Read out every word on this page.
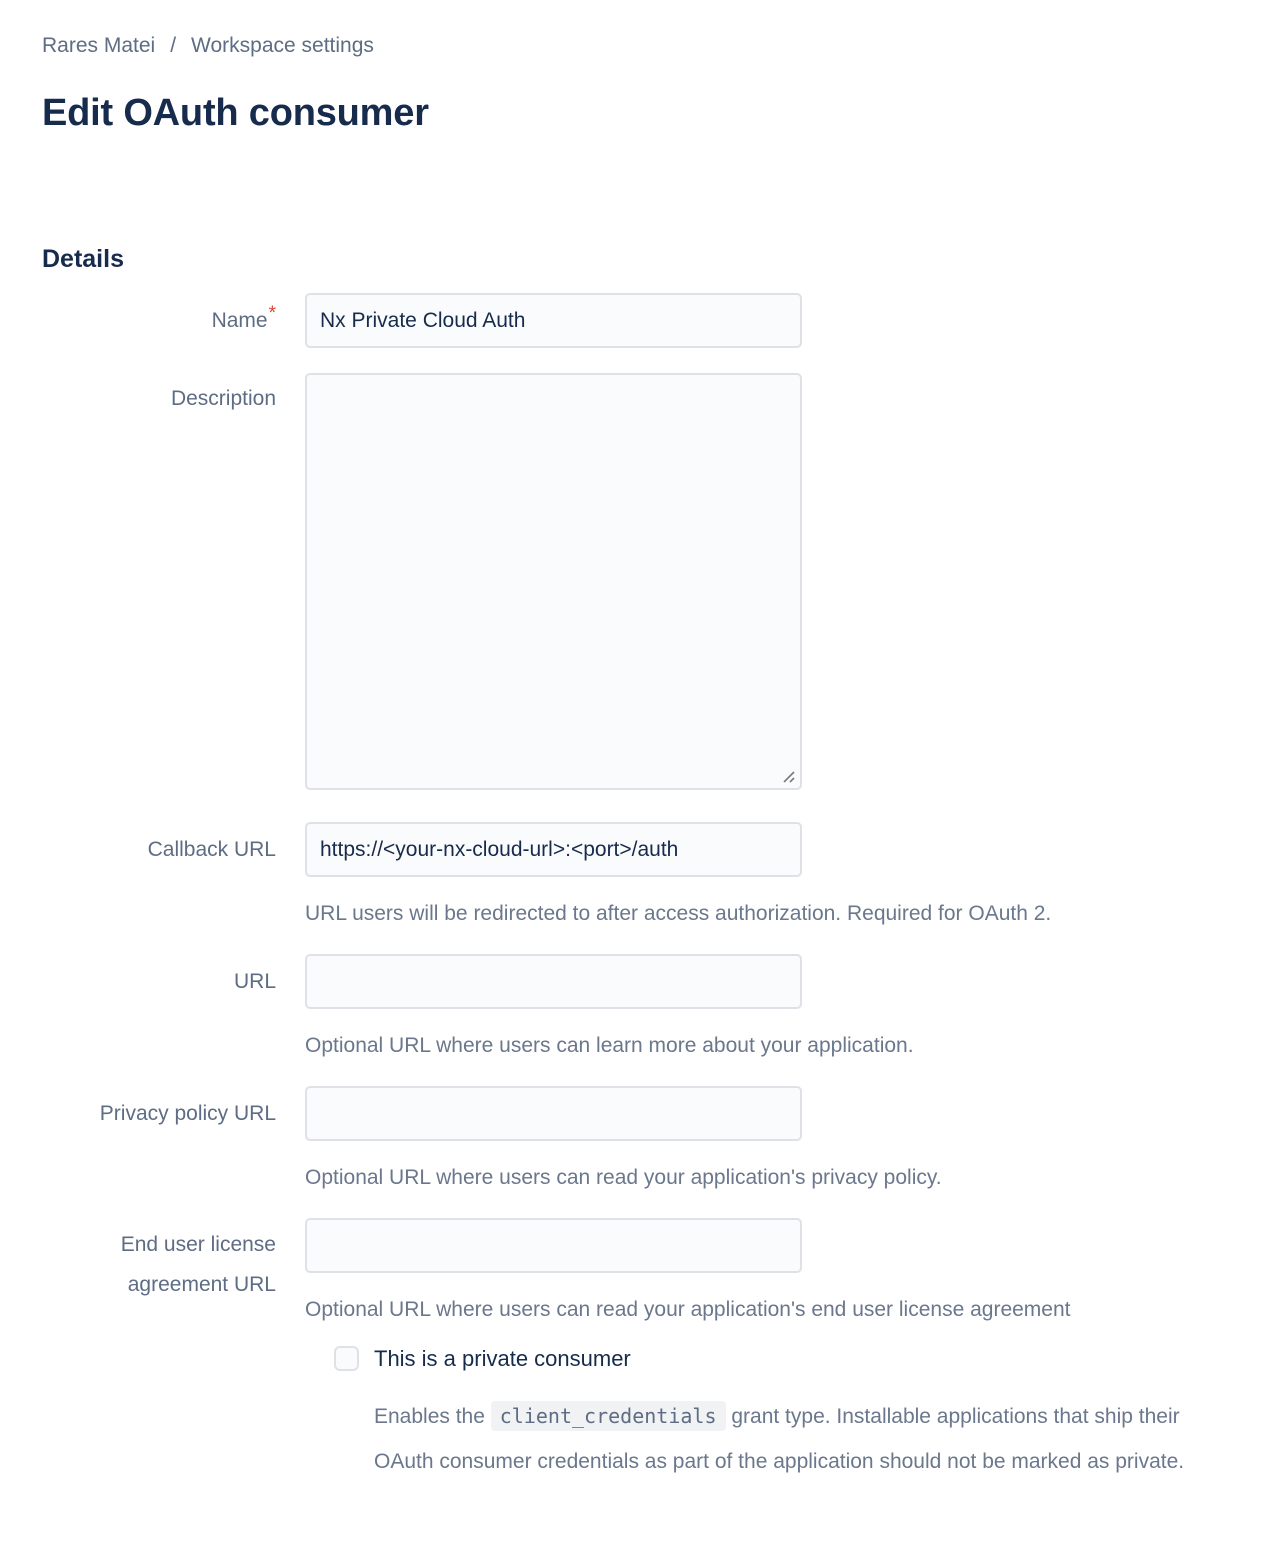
Rares Matei / Workspace settings
Edit OAuth consumer
Details
Name*
Nx Private Cloud Auth
Description
Callback URL
https://<your-nx-cloud-url>:<port>/auth
URL users will be redirected to after access authorization. Required for OAuth 2.
URL
Optional URL where users can learn more about your application.
Privacy policy URL
Optional URL where users can read your application's privacy policy.
End user license agreement URL
Optional URL where users can read your application's end user license agreement
This is a private consumer
Enables the client_credentials grant type. Installable applications that ship their OAuth consumer credentials as part of the application should not be marked as private.
